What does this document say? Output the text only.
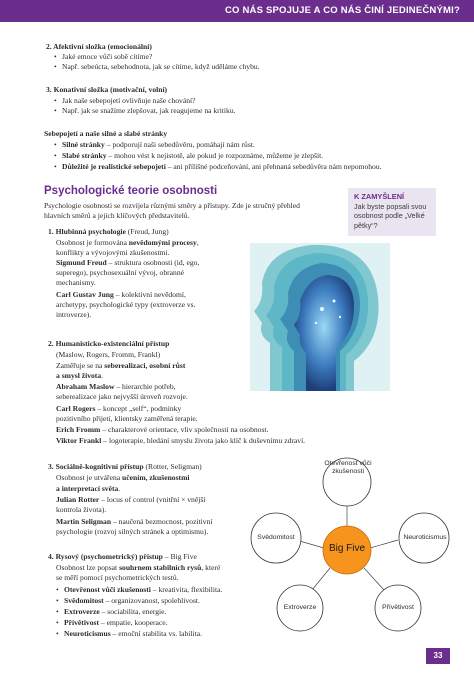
CO NÁS SPOJUJE A CO NÁS ČINÍ JEDINEČNÝMI?
2. Afektivní složka (emocionální)
• Jaké emoce vůči sobě cítíme?
• Např. sebeúcta, sebehodnota, jak se cítíme, když uděláme chybu.
3. Konativní složka (motivační, volní)
• Jak naše sebepojetí ovlivňuje naše chování?
• Např. jak se snažíme zlepšovat, jak reagujeme na kritiku.
Sebepojetí a naše silné a slabé stránky
• Silné stránky – podporují naši sebedůvěru, pomáhají nám růst.
• Slabé stránky – mohou vést k nejistotě, ale pokud je rozpoznáme, můžeme je zlepšit.
• Důležité je realistické sebepojetí – ani přílišné podceňování, ani přehnaná sebedůvěra nám nepomohou.
Psychologické teorie osobnosti
Psychologie osobnosti se rozvíjela různými směry a přístupy. Zde je stručný přehled
hlavních směrů a jejich klíčových představitelů.
K ZAMYŠLENÍ
Jak byste popsali svou osobnost podle „Velké pětky“?
1. Hlubinná psychologie (Freud, Jung)
Osobnost je formována nevědomými procesy,
konflikty a vývojovými zkušenostmi.
Sigmund Freud – struktura osobnosti (id, ego,
superego), psychosexuální vývoj, obranné
mechanismy.
Carl Gustav Jung – kolektivní nevědomí,
archetypy, psychologické typy (extroverze vs.
introverze).
2. Humanisticko-existenciální přístup
(Maslow, Rogers, Fromm, Frankl)
Zaměřuje se na seberealizaci, osobní růst
a smysl života.
Abraham Maslow – hierarchie potřeb,
seberealizace jako nejvyšší úroveň rozvoje.
Carl Rogers – koncept „self“, podmínky
pozitivního přijetí, klientsky zaměřená terapie.
Erich Fromm – charakterové orientace, vliv společnosti na osobnost.
Viktor Frankl – logoterapie, hledání smyslu života jako klíč k duševnímu zdraví.
3. Sociálně-kognitivní přístup (Rotter, Seligman)
Osobnost je utvářena učením, zkušenostmi
a interpretací světa.
Julian Rotter – locus of control (vnitřní × vnější
kontrola života).
Martin Seligman – naučená bezmocnost, pozitivní
psychologie (rozvoj silných stránek a optimismu).
4. Rysový (psychometrický) přístup – Big Five
Osobnost lze popsat souhrnem stabilních rysů, které
se měří pomocí psychometrických testů.
• Otevřenost vůči zkušenosti – kreativita, flexibilita.
• Svědomitost – organizovanost, spolehlivost.
• Extroverze – sociabilita, energie.
• Přívětivost – empatie, kooperace.
• Neuroticismus – emoční stabilita vs. labilita.
Otevřenost vůči zkušenosti
Neuroticismus
Přívětivost
Extroverze
Svědomitost
Big Five
33
